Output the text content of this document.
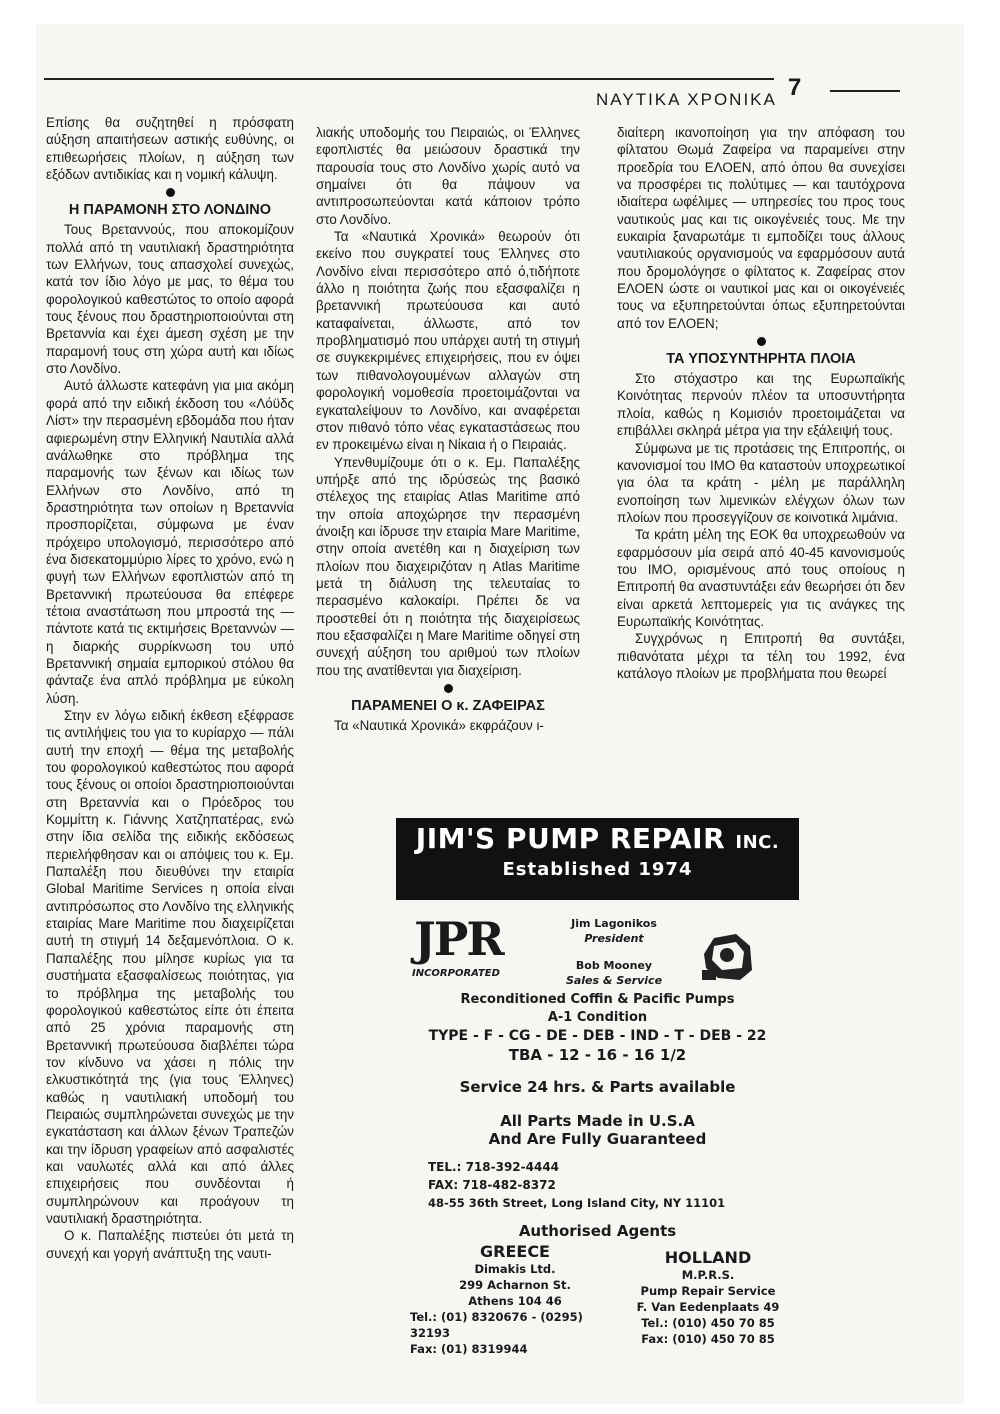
ΝΑΥΤΙΚΑ ΧΡΟΝΙΚΑ 7

Επίσης θα συζητηθεί η πρόσφατη αύξηση απαιτήσεων αστικής ευθύνης, οι επιθεωρήσεις πλοίων, η αύξηση των εξόδων αντιδικίας και η νομική κάλυψη.

Η ΠΑΡΑΜΟΝΗ ΣΤΟ ΛΟΝΔΙΝΟ

Τους Βρεταννούς, που αποκομίζουν πολλά από τη ναυτιλιακή δραστηριότητα των Ελλήνων, τους απασχολεί συνεχώς, κατά τον ίδιο λόγο με μας, το θέμα του φορολογικού καθεστώτος το οποίο αφορά τους ξένους που δραστηριοποιούνται στη Βρεταννία και έχει άμεση σχέση με την παραμονή τους στη χώρα αυτή και ιδίως στο Λονδίνο.

Αυτό άλλωστε κατεφάνη για μια ακόμη φορά από την ειδική έκδοση του «Λόϋδς Λίστ» την περασμένη εβδομάδα που ήταν αφιερωμένη στην Ελληνική Ναυτιλία αλλά ανάλωθηκε στο πρόβλημα της παραμονής των ξένων και ιδίως των Ελλήνων στο Λονδίνο, από τη δραστηριότητα των οποίων η Βρεταννία προσπορίζεται, σύμφωνα με έναν πρόχειρο υπολογισμό, περισσότερο από ένα δισεκατομμύριο λίρες το χρόνο, ενώ η φυγή των Ελλήνων εφοπλιστών από τη Βρεταννική πρωτεύουσα θα επέφερε τέτοια αναστάτωση που μπροστά της — πάντοτε κατά τις εκτιμήσεις Βρεταννών — η διαρκής συρρίκνωση του υπό Βρεταννική σημαία εμπορικού στόλου θα φάνταζε ένα απλό πρόβλημα με εύκολη λύση.

Στην εν λόγω ειδική έκθεση εξέφρασε τις αντιλήψεις του για το κυρίαρχο — πάλι αυτή την εποχή — θέμα της μεταβολής του φορολογικού καθεστώτος που αφορά τους ξένους οι οποίοι δραστηριοποιούνται στη Βρεταννία και ο Πρόεδρος του Κομμίττη κ. Γιάννης Χατζηπατέρας, ενώ στην ίδια σελίδα της ειδικής εκδόσεως περιελήφθησαν και οι απόψεις του κ. Εμ. Παπαλέξη που διευθύνει την εταιρία Global Maritime Services η οποία είναι αντιπρόσωπος στο Λονδίνο της ελληνικής εταιρίας Mare Maritime που διαχειρίζεται αυτή τη στιγμή 14 δεξαμενόπλοια. Ο κ. Παπαλέξης που μίλησε κυρίως για τα συστήματα εξασφαλίσεως ποιότητας, για το πρόβλημα της μεταβολής του φορολογικού καθεστώτος είπε ότι έπειτα από 25 χρόνια παραμονής στη Βρεταννική πρωτεύουσα διαβλέπει τώρα τον κίνδυνο να χάσει η πόλις την ελκυστικότητά της (για τους Έλληνες) καθώς η ναυτιλιακή υποδομή του Πειραιώς συμπληρώνεται συνεχώς με την εγκατάσταση και άλλων ξένων Τραπεζών και την ίδρυση γραφείων από ασφαλιστές και ναυλωτές αλλά και από άλλες επιχειρήσεις που συνδέονται ή συμπληρώνουν και προάγουν τη ναυτιλιακή δραστηριότητα.

Ο κ. Παπαλέξης πιστεύει ότι μετά τη συνεχή και γοργή ανάπτυξη της ναυτι-

λιακής υποδομής του Πειραιώς, οι Έλληνες εφοπλιστές θα μειώσουν δραστικά την παρουσία τους στο Λονδίνο χωρίς αυτό να σημαίνει ότι θα πάψουν να αντιπροσωπεύονται κατά κάποιον τρόπο στο Λονδίνο.

Τα «Ναυτικά Χρονικά» θεωρούν ότι εκείνο που συγκρατεί τους Έλληνες στο Λονδίνο είναι περισσότερο από ό,τιδήποτε άλλο η ποιότητα ζωής που εξασφαλίζει η βρεταννική πρωτεύουσα και αυτό καταφαίνεται, άλλωστε, από τον προβληματισμό που υπάρχει αυτή τη στιγμή σε συγκεκριμένες επιχειρήσεις, που εν όψει των πιθανολογουμένων αλλαγών στη φορολογική νομοθεσία προετοιμάζονται να εγκαταλείψουν το Λονδίνο, και αναφέρεται στον πιθανό τόπο νέας εγκαταστάσεως που εν προκειμένω είναι η Νίκαια ή ο Πειραιάς.

Υπενθυμίζουμε ότι ο κ. Εμ. Παπαλέξης υπήρξε από της ιδρύσεώς της βασικό στέλεχος της εταιρίας Atlas Maritime από την οποία αποχώρησε την περασμένη άνοιξη και ίδρυσε την εταιρία Mare Maritime, στην οποία ανετέθη και η διαχείριση των πλοίων που διαχειριζόταν η Atlas Maritime μετά τη διάλυση της τελευταίας το περασμένο καλοκαίρι. Πρέπει δε να προστεθεί ότι η ποιότητα τής διαχειρίσεως που εξασφαλίζει η Mare Maritime οδηγεί στη συνεχή αύξηση του αριθμού των πλοίων που της ανατίθενται για διαχείριση.

ΠΑΡΑΜΕΝΕΙ Ο κ. ΖΑΦΕΙΡΑΣ

Τα «Ναυτικά Χρονικά» εκφράζουν ι-

διαίτερη ικανοποίηση για την απόφαση του φίλτατου Θωμά Ζαφείρα να παραμείνει στην προεδρία του ΕΛΟΕΝ, από όπου θα συνεχίσει να προσφέρει τις πολύτιμες — και ταυτόχρονα ιδιαίτερα ωφέλιμες — υπηρεσίες του προς τους ναυτικούς μας και τις οικογένειές τους. Με την ευκαιρία ξαναρωτάμε τι εμποδίζει τους άλλους ναυτιλιακούς οργανισμούς να εφαρμόσουν αυτά που δρομολόγησε ο φίλτατος κ. Ζαφείρας στον ΕΛΟΕΝ ώστε οι ναυτικοί μας και οι οικογένειές τους να εξυπηρετούνται όπως εξυπηρετούνται από τον ΕΛΟΕΝ;

ΤΑ ΥΠΟΣΥΝΤΗΡΗΤΑ ΠΛΟΙΑ

Στο στόχαστρο και της Ευρωπαϊκής Κοινότητας περνούν πλέον τα υποσυντήρητα πλοία, καθώς η Κομισιόν προετοιμάζεται να επιβάλλει σκληρά μέτρα για την εξάλειψή τους.

Σύμφωνα με τις προτάσεις της Επιτροπής, οι κανονισμοί του ΙΜΟ θα καταστούν υποχρεωτικοί για όλα τα κράτη - μέλη με παράλληλη ενοποίηση των λιμενικών ελέγχων όλων των πλοίων που προσεγγίζουν σε κοινοτικά λιμάνια.

Τα κράτη μέλη της ΕΟΚ θα υποχρεωθούν να εφαρμόσουν μία σειρά από 40-45 κανονισμούς του ΙΜΟ, ορισμένους από τους οποίους η Επιτροπή θα αναστυντάξει εάν θεωρήσει ότι δεν είναι αρκετά λεπτομερείς για τις ανάγκες της Ευρωπαϊκής Κοινότητας.

Συγχρόνως η Επιτροπή θα συντάξει, πιθανότατα μέχρι τα τέλη του 1992, ένα κατάλογο πλοίων με προβλήματα που θεωρεί

JIM'S PUMP REPAIR INC.
Established 1974
JPR
INCORPORATED
Jim Lagonikos
President
Bob Mooney
Sales & Service
Reconditioned Coffin & Pacific Pumps
A-1 Condition
TYPE - F - CG - DE - DEB - IND - T - DEB - 22
TBA - 12 - 16 - 16 1/2
Service 24 hrs. & Parts available
All Parts Made in U.S.A
And Are Fully Guaranteed
TEL.: 718-392-4444
FAX: 718-482-8372
48-55 36th Street, Long Island City, NY 11101
Authorised Agents
GREECE
Dimakis Ltd.
299 Acharnon St.
Athens 104 46
Tel.: (01) 8320676 - (0295) 32193
Fax: (01) 8319944
HOLLAND
M.P.R.S.
Pump Repair Service
F. Van Eedenplaats 49
Tel.: (010) 450 70 85
Fax: (010) 450 70 85
